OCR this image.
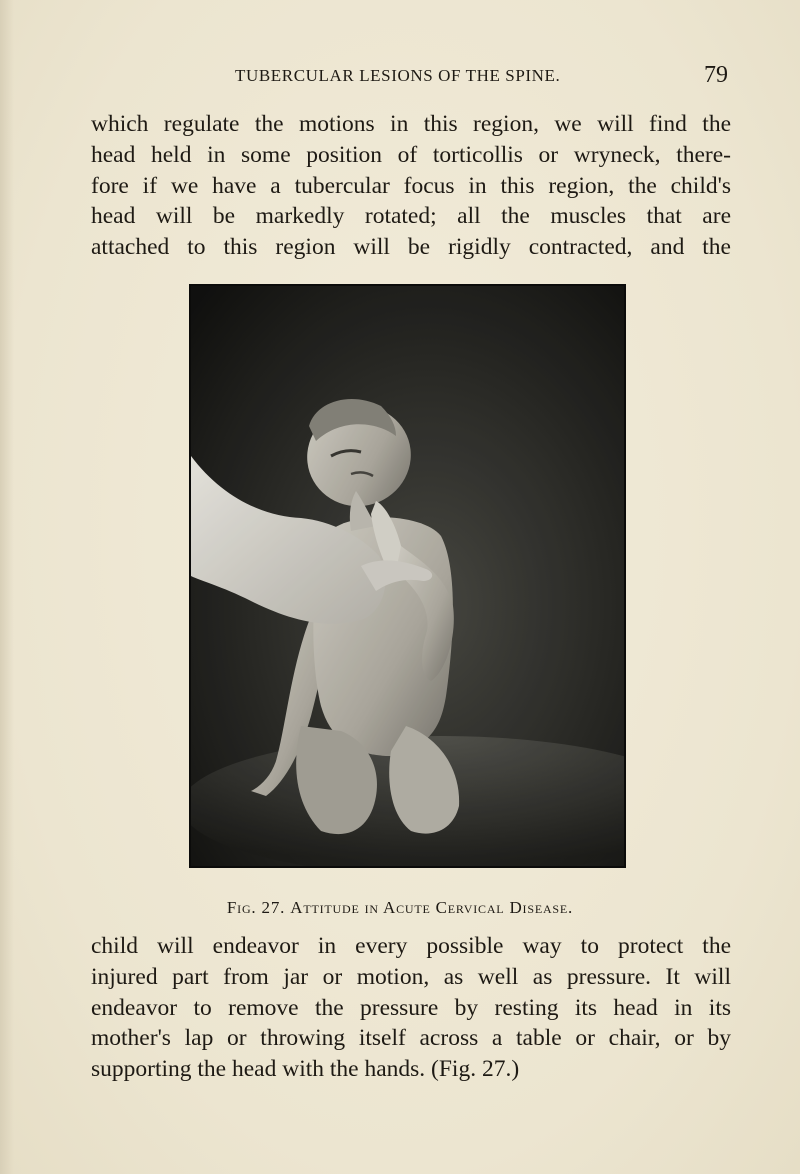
TUBERCULAR LESIONS OF THE SPINE.	79

which regulate the motions in this region, we will find the
head held in some position of torticollis or wryneck, there-
fore if we have a tubercular focus in this region, the child's
head will be markedly rotated; all the muscles that are
attached to this region will be rigidly contracted, and the

Fig. 27. Attitude in Acute Cervical Disease.

child will endeavor in every possible way to protect the
injured part from jar or motion, as well as pressure. It will
endeavor to remove the pressure by resting its head in its
mother's lap or throwing itself across a table or chair, or by
supporting the head with the hands. (Fig. 27.)
